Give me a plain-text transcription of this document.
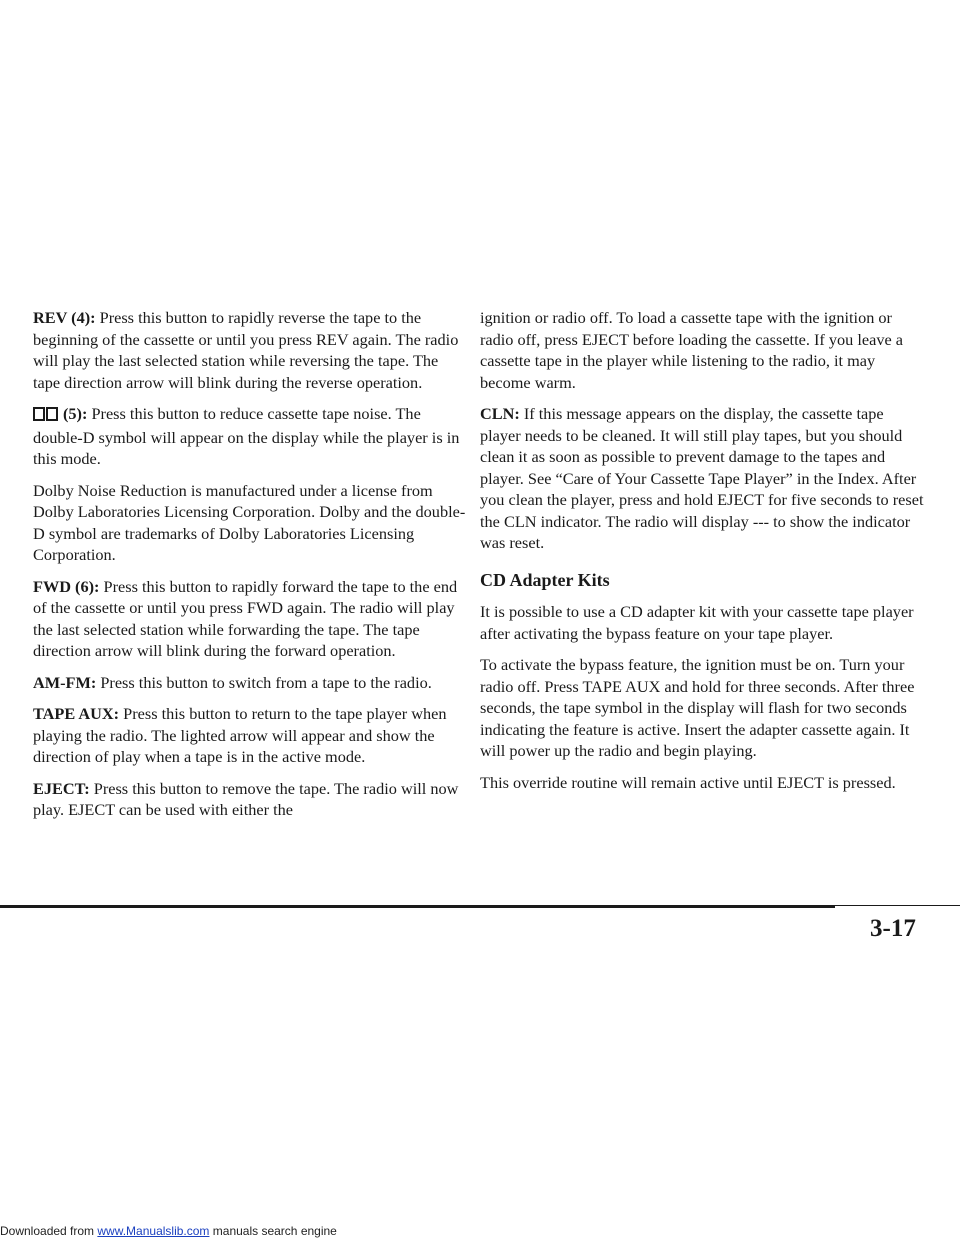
REV (4): Press this button to rapidly reverse the tape to the beginning of the cassette or until you press REV again. The radio will play the last selected station while reversing the tape. The tape direction arrow will blink during the reverse operation.

(5): Press this button to reduce cassette tape noise. The double-D symbol will appear on the display while the player is in this mode.

Dolby Noise Reduction is manufactured under a license from Dolby Laboratories Licensing Corporation. Dolby and the double-D symbol are trademarks of Dolby Laboratories Licensing Corporation.

FWD (6): Press this button to rapidly forward the tape to the end of the cassette or until you press FWD again. The radio will play the last selected station while forwarding the tape. The tape direction arrow will blink during the forward operation.

AM-FM: Press this button to switch from a tape to the radio.

TAPE AUX: Press this button to return to the tape player when playing the radio. The lighted arrow will appear and show the direction of play when a tape is in the active mode.

EJECT: Press this button to remove the tape. The radio will now play. EJECT can be used with either the

ignition or radio off. To load a cassette tape with the ignition or radio off, press EJECT before loading the cassette. If you leave a cassette tape in the player while listening to the radio, it may become warm.

CLN: If this message appears on the display, the cassette tape player needs to be cleaned. It will still play tapes, but you should clean it as soon as possible to prevent damage to the tapes and player. See “Care of Your Cassette Tape Player” in the Index. After you clean the player, press and hold EJECT for five seconds to reset the CLN indicator. The radio will display --- to show the indicator was reset.

CD Adapter Kits

It is possible to use a CD adapter kit with your cassette tape player after activating the bypass feature on your tape player.

To activate the bypass feature, the ignition must be on. Turn your radio off. Press TAPE AUX and hold for three seconds. After three seconds, the tape symbol in the display will flash for two seconds indicating the feature is active. Insert the adapter cassette again. It will power up the radio and begin playing.

This override routine will remain active until EJECT is pressed.

3-17
Downloaded from www.Manualslib.com manuals search engine
